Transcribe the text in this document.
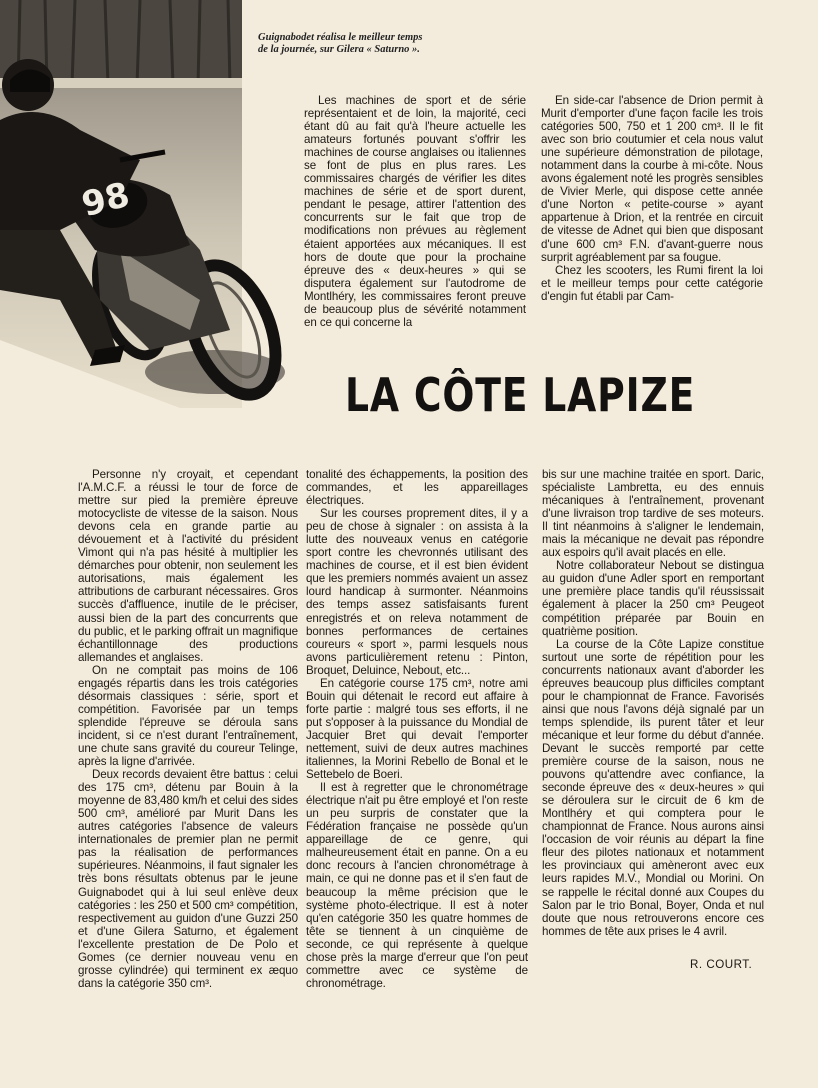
98
Guignabodet réalisa le meilleur temps de la journée, sur Gilera « Saturno ».

Les machines de sport et de série représentaient et de loin, la majorité, ceci étant dû au fait qu'à l'heure actuelle les amateurs fortunés pouvant s'offrir les machines de course anglaises ou italiennes se font de plus en plus rares. Les commissaires chargés de vérifier les dites machines de série et de sport durent, pendant le pesage, attirer l'attention des concurrents sur le fait que trop de modifications non prévues au règlement étaient apportées aux mécaniques. Il est hors de doute que pour la prochaine épreuve des « deux-heures » qui se disputera également sur l'autodrome de Montlhéry, les commissaires feront preuve de beaucoup plus de sévérité notamment en ce qui concerne la

En side-car l'absence de Drion permit à Murit d'emporter d'une façon facile les trois catégories 500, 750 et 1 200 cm³. Il le fit avec son brio coutumier et cela nous valut une supérieure démonstration de pilotage, notamment dans la courbe à mi-côte. Nous avons également noté les progrès sensibles de Vivier Merle, qui dispose cette année d'une Norton « petite-course » ayant appartenue à Drion, et la rentrée en circuit de vitesse de Adnet qui bien que disposant d'une 600 cm³ F.N. d'avant-guerre nous surprit agréablement par sa fougue.

Chez les scooters, les Rumi firent la loi et le meilleur temps pour cette catégorie d'engin fut établi par Cam-

LA CÔTE LAPIZE

Personne n'y croyait, et cependant l'A.M.C.F. a réussi le tour de force de mettre sur pied la première épreuve motocycliste de vitesse de la saison. Nous devons cela en grande partie au dévouement et à l'activité du président Vimont qui n'a pas hésité à multiplier les démarches pour obtenir, non seulement les autorisations, mais également les attributions de carburant nécessaires. Gros succès d'affluence, inutile de le préciser, aussi bien de la part des concurrents que du public, et le parking offrait un magnifique échantillonnage des productions allemandes et anglaises.

On ne comptait pas moins de 106 engagés répartis dans les trois catégories désormais classiques : série, sport et compétition. Favorisée par un temps splendide l'épreuve se déroula sans incident, si ce n'est durant l'entraînement, une chute sans gravité du coureur Telinge, après la ligne d'arrivée.

Deux records devaient être battus : celui des 175 cm³, détenu par Bouin à la moyenne de 83,480 km/h et celui des sides 500 cm³, amélioré par Murit Dans les autres catégories l'absence de valeurs internationales de premier plan ne permit pas la réalisation de performances supérieures. Néanmoins, il faut signaler les très bons résultats obtenus par le jeune Guignabodet qui à lui seul enlève deux catégories : les 250 et 500 cm³ compétition, respectivement au guidon d'une Guzzi 250 et d'une Gilera Saturno, et également l'excellente prestation de De Polo et Gomes (ce dernier nouveau venu en grosse cylindrée) qui terminent ex æquo dans la catégorie 350 cm³.

tonalité des échappements, la position des commandes, et les appareillages électriques.

Sur les courses proprement dites, il y a peu de chose à signaler : on assista à la lutte des nouveaux venus en catégorie sport contre les chevronnés utilisant des machines de course, et il est bien évident que les premiers nommés avaient un assez lourd handicap à surmonter. Néanmoins des temps assez satisfaisants furent enregistrés et on releva notamment de bonnes performances de certaines coureurs « sport », parmi lesquels nous avons particulièrement retenu : Pinton, Broquet, Deluince, Nebout, etc...

En catégorie course 175 cm³, notre ami Bouin qui détenait le record eut affaire à forte partie : malgré tous ses efforts, il ne put s'opposer à la puissance du Mondial de Jacquier Bret qui devait l'emporter nettement, suivi de deux autres machines italiennes, la Morini Rebello de Bonal et le Settebelo de Boeri.

Il est à regretter que le chronométrage électrique n'ait pu être employé et l'on reste un peu surpris de constater que la Fédération française ne possède qu'un appareillage de ce genre, qui malheureusement était en panne. On a eu donc recours à l'ancien chronométrage à main, ce qui ne donne pas et il s'en faut de beaucoup la même précision que le système photo-électrique. Il est à noter qu'en catégorie 350 les quatre hommes de tête se tiennent à un cinquième de seconde, ce qui représente à quelque chose près la marge d'erreur que l'on peut commettre avec ce système de chronométrage.

bis sur une machine traitée en sport. Daric, spécialiste Lambretta, eu des ennuis mécaniques à l'entraînement, provenant d'une livraison trop tardive de ses moteurs. Il tint néanmoins à s'aligner le lendemain, mais la mécanique ne devait pas répondre aux espoirs qu'il avait placés en elle.

Notre collaborateur Nebout se distingua au guidon d'une Adler sport en remportant une première place tandis qu'il réussissait également à placer la 250 cm³ Peugeot compétition préparée par Bouin en quatrième position.

La course de la Côte Lapize constitue surtout une sorte de répétition pour les concurrents nationaux avant d'aborder les épreuves beaucoup plus difficiles comptant pour le championnat de France. Favorisés ainsi que nous l'avons déjà signalé par un temps splendide, ils purent tâter et leur mécanique et leur forme du début d'année. Devant le succès remporté par cette première course de la saison, nous ne pouvons qu'attendre avec confiance, la seconde épreuve des « deux-heures » qui se déroulera sur le circuit de 6 km de Montlhéry et qui comptera pour le championnat de France. Nous aurons ainsi l'occasion de voir réunis au départ la fine fleur des pilotes nationaux et notamment les provinciaux qui amèneront avec eux leurs rapides M.V., Mondial ou Morini. On se rappelle le récital donné aux Coupes du Salon par le trio Bonal, Boyer, Onda et nul doute que nous retrouverons encore ces hommes de tête aux prises le 4 avril.

R. COURT.
